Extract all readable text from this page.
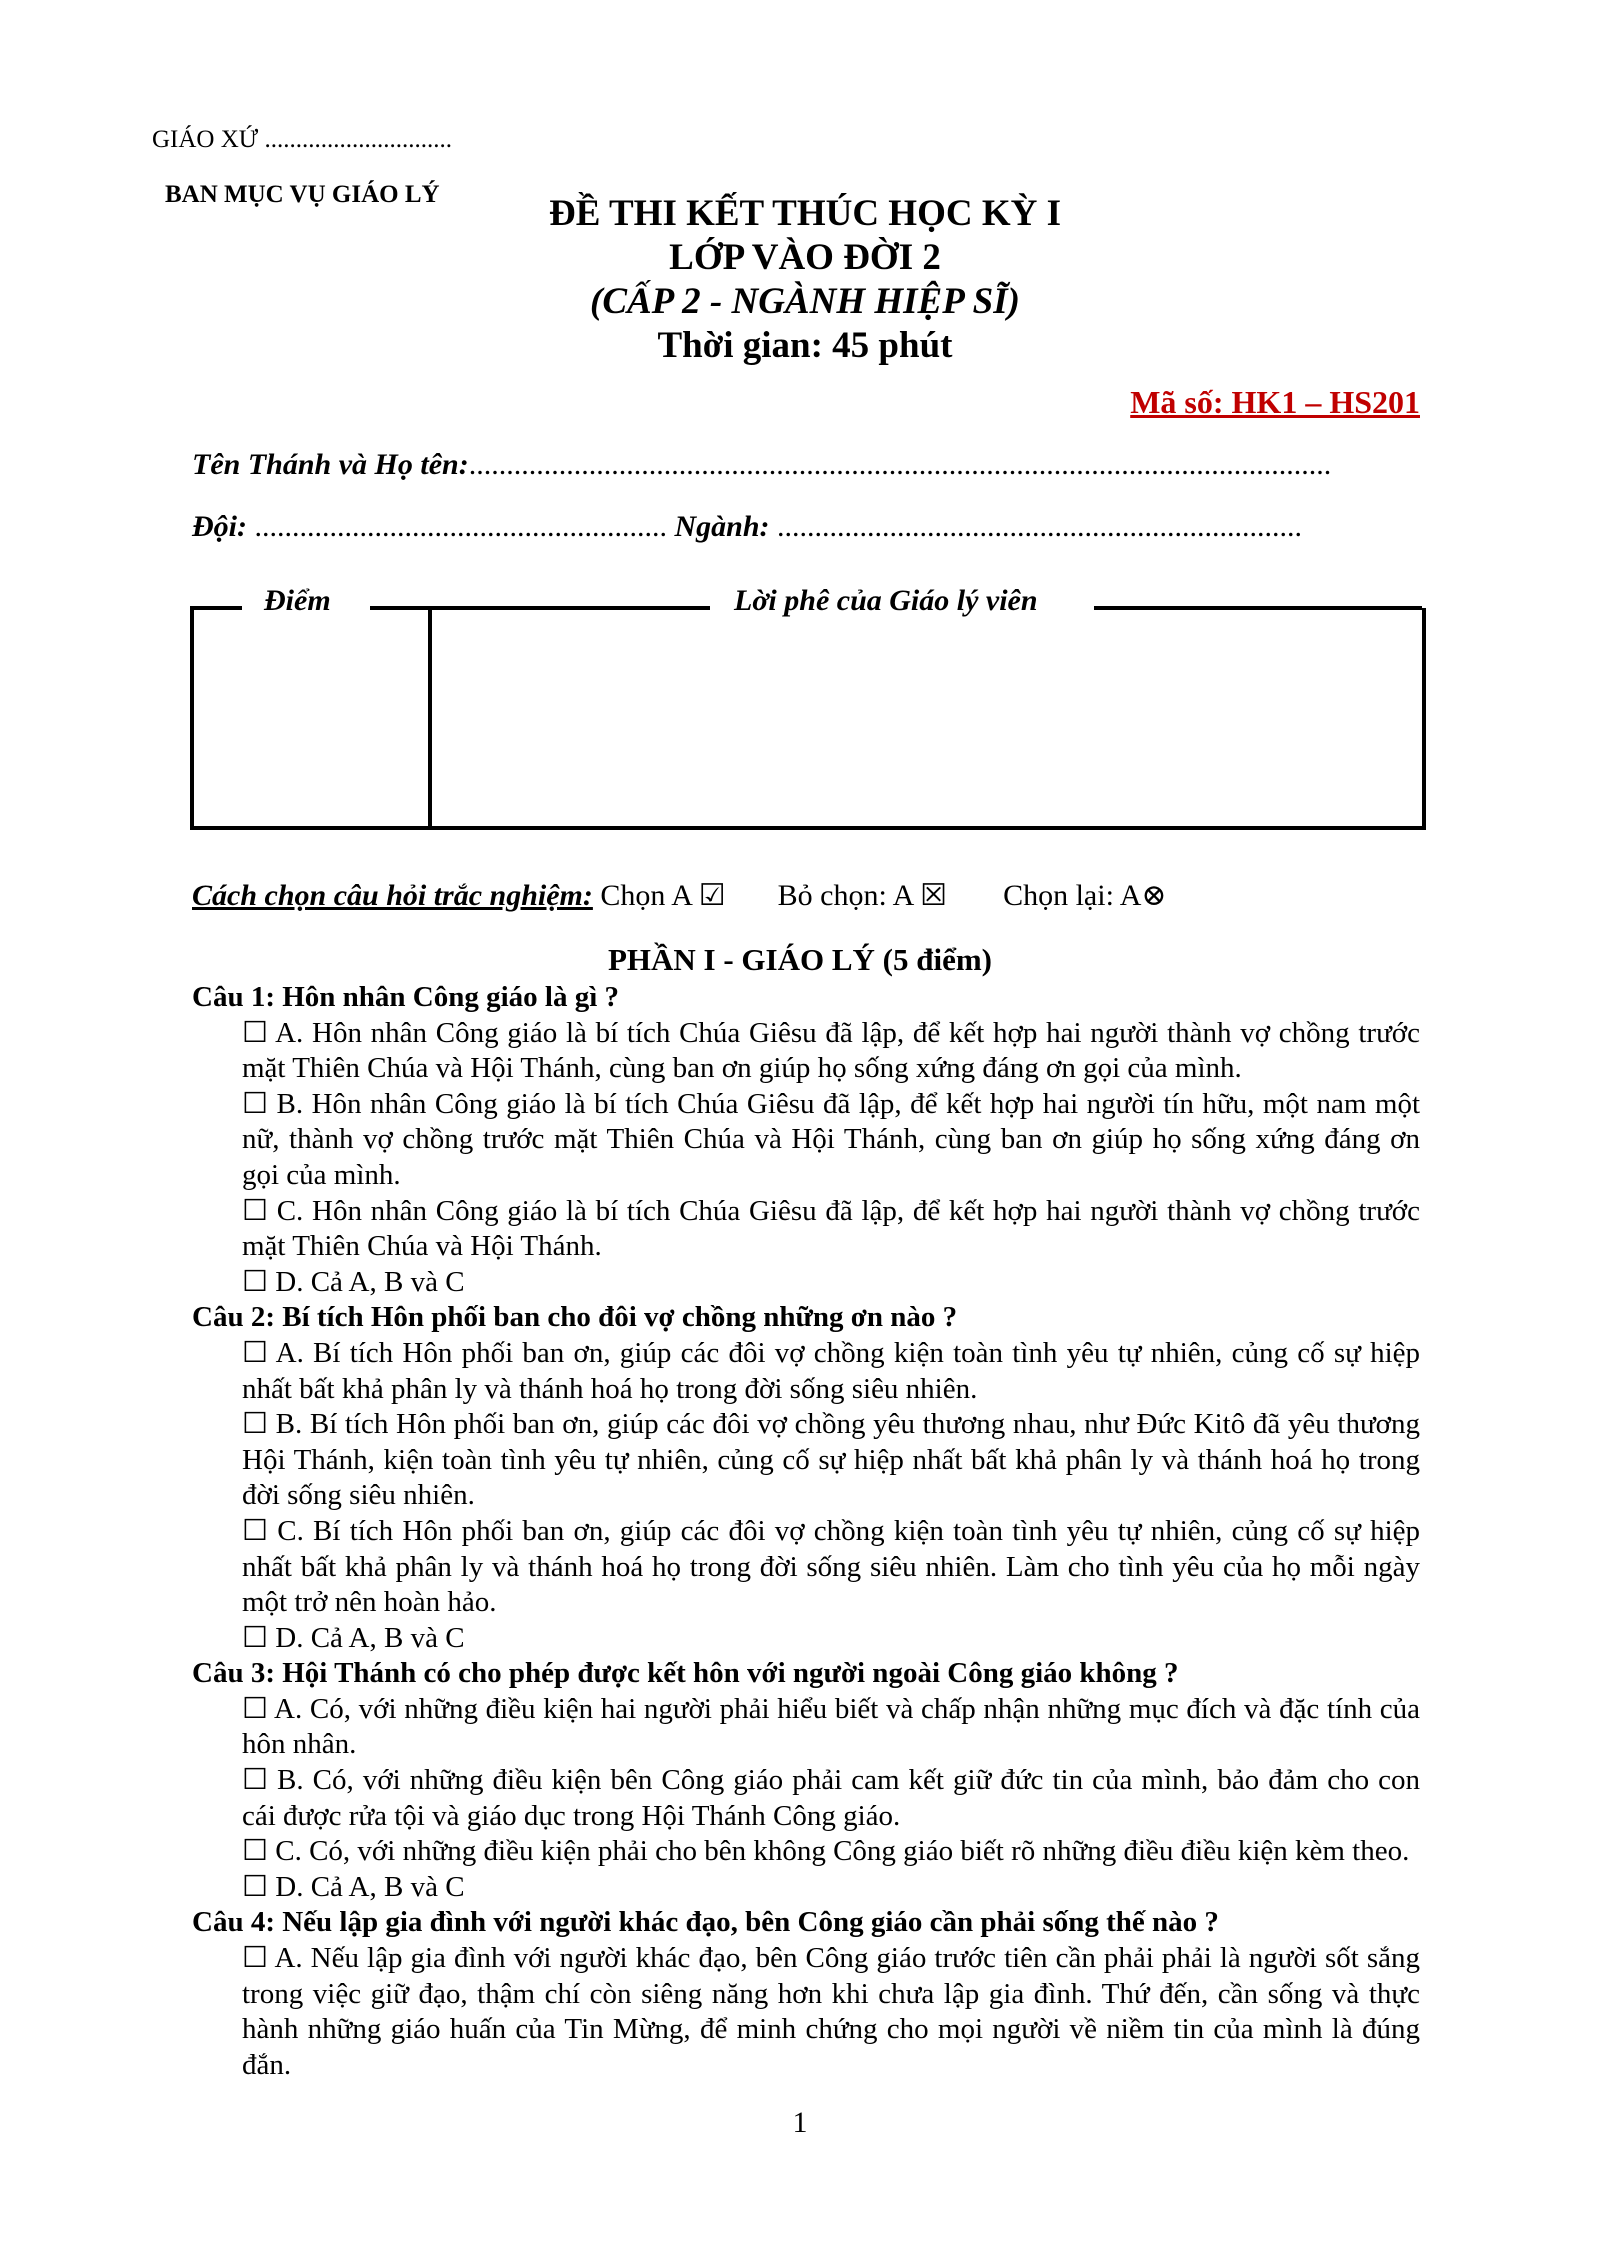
GIÁO XỨ ..............................
BAN MỤC VỤ GIÁO LÝ	ĐỀ THI KẾT THÚC HỌC KỲ I
LỚP VÀO ĐỜI 2
(CẤP 2 - NGÀNH HIỆP SĨ)
Thời gian: 45 phút
Mã số: HK1 – HS201
Tên Thánh và Họ tên:...................................................................................................................
Đội: ....................................................... Ngành: ......................................................................
Điểm	Lời phê của Giáo lý viên
Cách chọn câu hỏi trắc nghiệm: Chọn A ☑ Bỏ chọn: A ☒ Chọn lại: A⊗
PHẦN I - GIÁO LÝ (5 điểm)

Câu 1: Hôn nhân Công giáo là gì ?

☐ A. Hôn nhân Công giáo là bí tích Chúa Giêsu đã lập, để kết hợp hai người thành vợ chồng trước mặt Thiên Chúa và Hội Thánh, cùng ban ơn giúp họ sống xứng đáng ơn gọi của mình.

☐ B. Hôn nhân Công giáo là bí tích Chúa Giêsu đã lập, để kết hợp hai người tín hữu, một nam một nữ, thành vợ chồng trước mặt Thiên Chúa và Hội Thánh, cùng ban ơn giúp họ sống xứng đáng ơn gọi của mình.

☐ C. Hôn nhân Công giáo là bí tích Chúa Giêsu đã lập, để kết hợp hai người thành vợ chồng trước mặt Thiên Chúa và Hội Thánh.

☐ D. Cả A, B và C

Câu 2: Bí tích Hôn phối ban cho đôi vợ chồng những ơn nào ?

☐ A. Bí tích Hôn phối ban ơn, giúp các đôi vợ chồng kiện toàn tình yêu tự nhiên, củng cố sự hiệp nhất bất khả phân ly và thánh hoá họ trong đời sống siêu nhiên.

☐ B. Bí tích Hôn phối ban ơn, giúp các đôi vợ chồng yêu thương nhau, như Đức Kitô đã yêu thương Hội Thánh, kiện toàn tình yêu tự nhiên, củng cố sự hiệp nhất bất khả phân ly và thánh hoá họ trong đời sống siêu nhiên.

☐ C. Bí tích Hôn phối ban ơn, giúp các đôi vợ chồng kiện toàn tình yêu tự nhiên, củng cố sự hiệp nhất bất khả phân ly và thánh hoá họ trong đời sống siêu nhiên. Làm cho tình yêu của họ mỗi ngày một trở nên hoàn hảo.

☐ D. Cả A, B và C

Câu 3: Hội Thánh có cho phép được kết hôn với người ngoài Công giáo không ?

☐ A. Có, với những điều kiện hai người phải hiểu biết và chấp nhận những mục đích và đặc tính của hôn nhân.

☐ B. Có, với những điều kiện bên Công giáo phải cam kết giữ đức tin của mình, bảo đảm cho con cái được rửa tội và giáo dục trong Hội Thánh Công giáo.

☐ C. Có, với những điều kiện phải cho bên không Công giáo biết rõ những điều điều kiện kèm theo.

☐ D. Cả A, B và C

Câu 4: Nếu lập gia đình với người khác đạo, bên Công giáo cần phải sống thế nào ?

☐ A. Nếu lập gia đình với người khác đạo, bên Công giáo trước tiên cần phải phải là người sốt sắng trong việc giữ đạo, thậm chí còn siêng năng hơn khi chưa lập gia đình. Thứ đến, cần sống và thực hành những giáo huấn của Tin Mừng, để minh chứng cho mọi người về niềm tin của mình là đúng đắn.

1
